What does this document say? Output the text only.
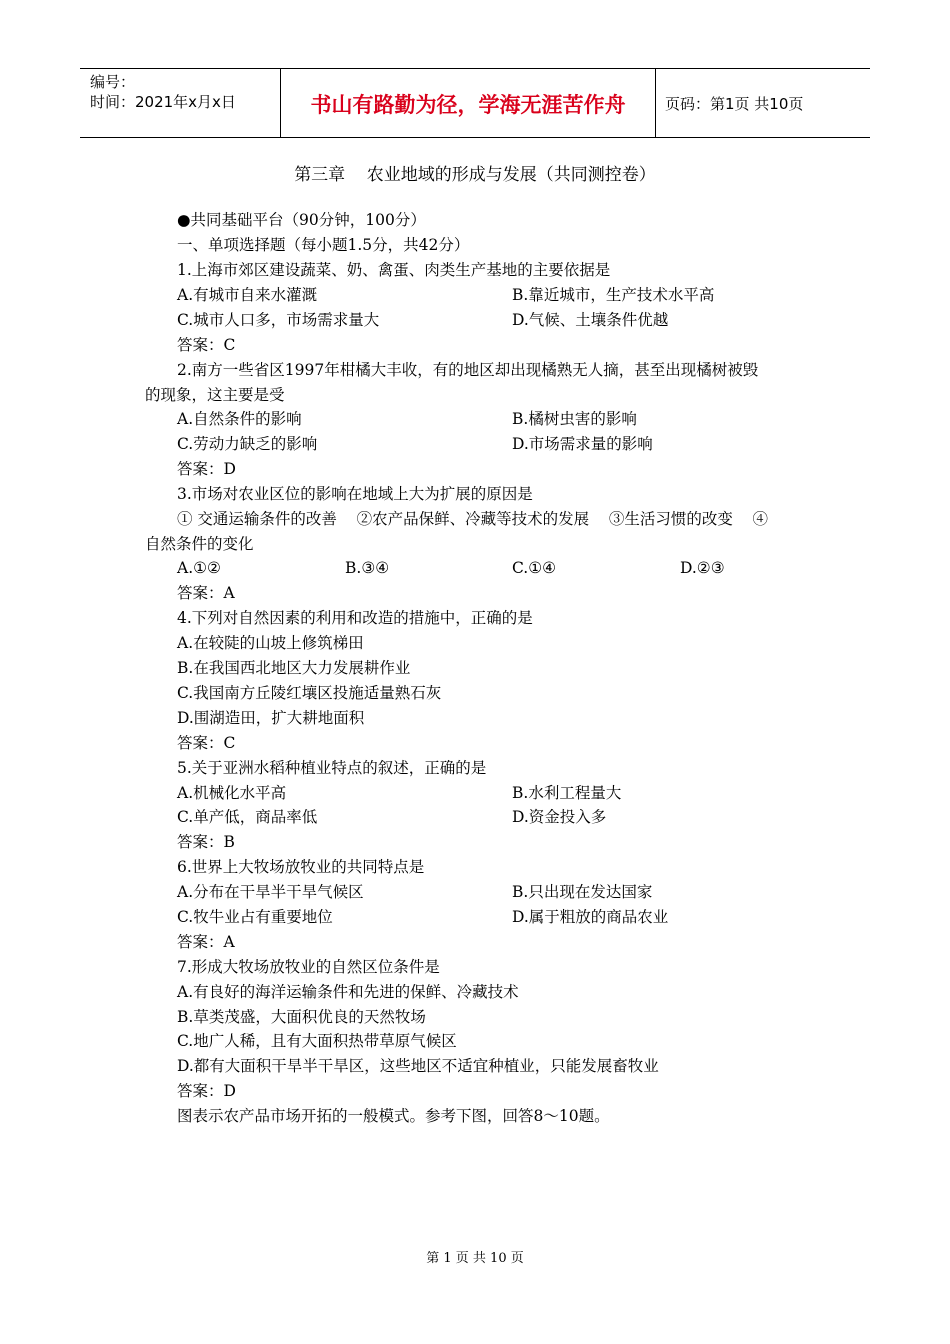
编号：
时间：2021年x月x日	书山有路勤为径，学海无涯苦作舟	页码：第1页 共10页
第三章    农业地域的形成与发展（共同测控卷）
●共同基础平台（90分钟，100分）
一、单项选择题（每小题1.5分，共42分）
1.上海市郊区建设蔬菜、奶、禽蛋、肉类生产基地的主要依据是
A.有城市自来水灌溉	B.靠近城市，生产技术水平高
C.城市人口多，市场需求量大	D.气候、土壤条件优越
答案：C
2.南方一些省区1997年柑橘大丰收，有的地区却出现橘熟无人摘，甚至出现橘树被毁
的现象，这主要是受
A.自然条件的影响	B.橘树虫害的影响
C.劳动力缺乏的影响	D.市场需求量的影响
答案：D
3.市场对农业区位的影响在地域上大为扩展的原因是
① 交通运输条件的改善    ②农产品保鲜、冷藏等技术的发展    ③生活习惯的改变    ④
自然条件的变化
A.①②	B.③④	C.①④	D.②③
答案：A
4.下列对自然因素的利用和改造的措施中，正确的是
A.在较陡的山坡上修筑梯田
B.在我国西北地区大力发展耕作业
C.我国南方丘陵红壤区投施适量熟石灰
D.围湖造田，扩大耕地面积
答案：C
5.关于亚洲水稻种植业特点的叙述，正确的是
A.机械化水平高	B.水利工程量大
C.单产低，商品率低	D.资金投入多
答案：B
6.世界上大牧场放牧业的共同特点是
A.分布在干旱半干旱气候区	B.只出现在发达国家
C.牧牛业占有重要地位	D.属于粗放的商品农业
答案：A
7.形成大牧场放牧业的自然区位条件是
A.有良好的海洋运输条件和先进的保鲜、冷藏技术
B.草类茂盛，大面积优良的天然牧场
C.地广人稀，且有大面积热带草原气候区
D.都有大面积干旱半干旱区，这些地区不适宜种植业，只能发展畜牧业
答案：D
图表示农产品市场开拓的一般模式。参考下图，回答8～10题。
第 1 页 共 10 页
